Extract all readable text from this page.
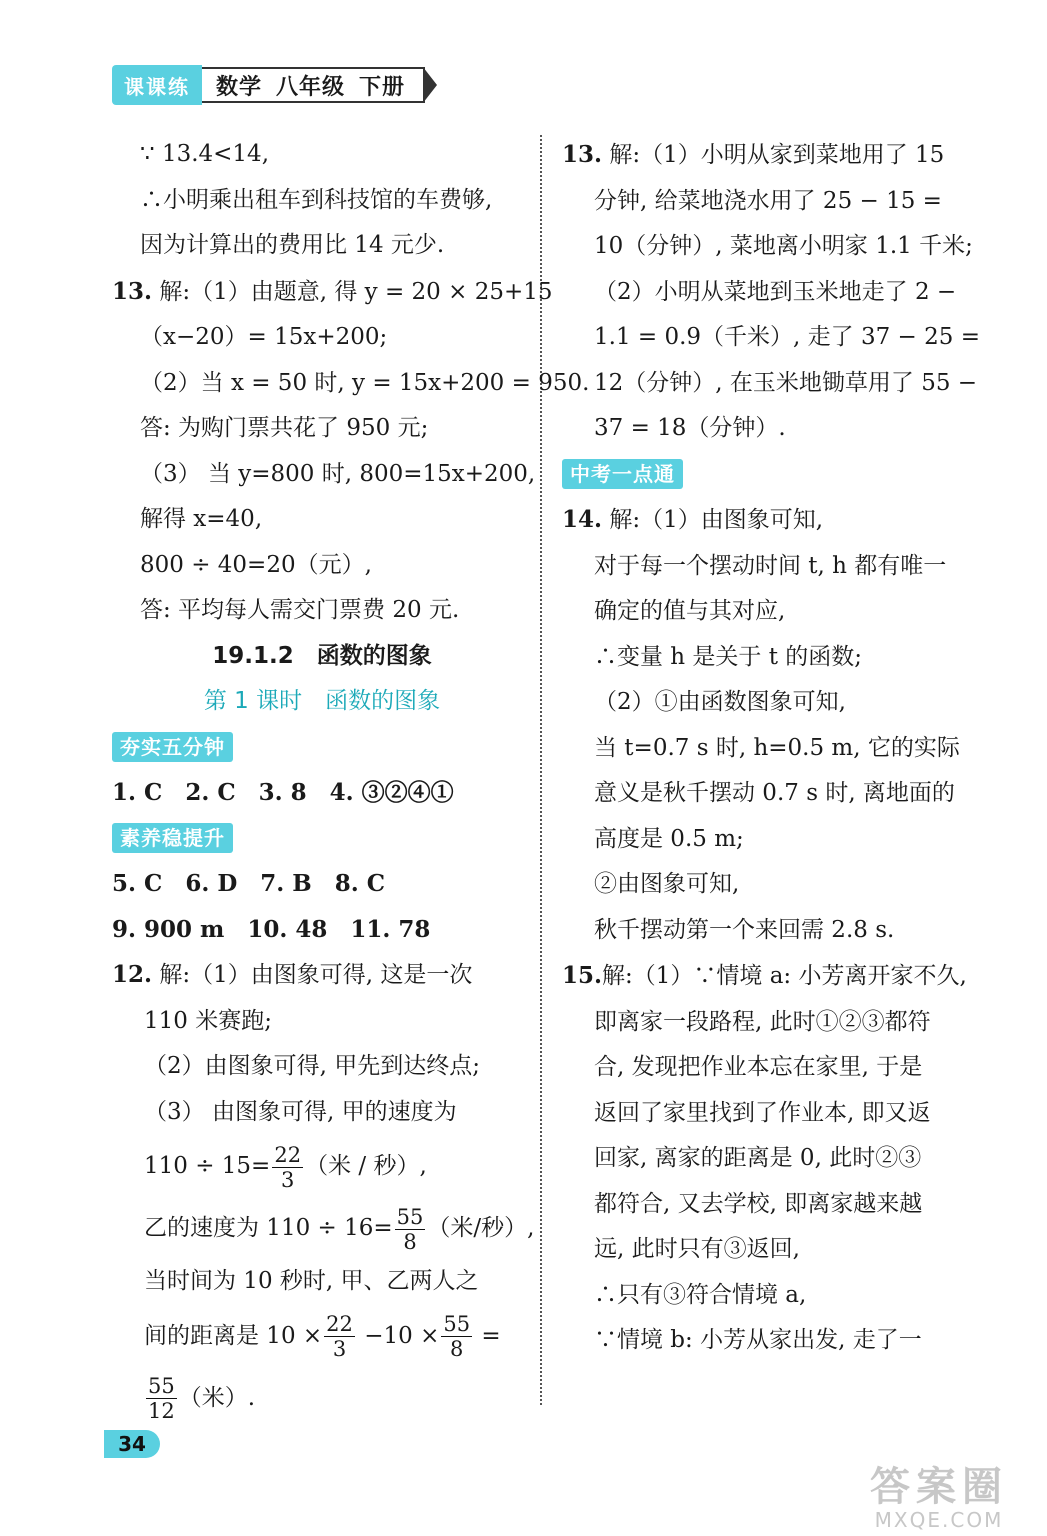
课课练	数学 八年级 下册
∵ 13.4<14,
∴小明乘出租车到科技馆的车费够,
因为计算出的费用比 14 元少.
13. 解:（1）由题意, 得 y = 20 × 25+15
（x−20）= 15x+200;
（2）当 x = 50 时, y = 15x+200 = 950.
答: 为购门票共花了 950 元;
（3） 当 y=800 时, 800=15x+200,
解得 x=40,
800 ÷ 40=20（元）,
答: 平均每人需交门票费 20 元.
19.1.2　函数的图象
第 1 课时　函数的图象
夯实五分钟
1. C　2. C　3. 8　4. ③②④①
素养稳提升
5. C　6. D　7. B　8. C
9. 900 m　10. 48　11. 78
12. 解:（1）由图象可得, 这是一次
110 米赛跑;
（2）由图象可得, 甲先到达终点;
（3） 由图象可得, 甲的速度为
$110 \div 15= \frac{22}{3}$ （米 / 秒）,
乙的速度为 $110 \div 16= \frac{55}{8}$ （米/秒）,
当时间为 10 秒时, 甲、乙两人之
间的距离是 $10 \times \frac{22}{3} -10 \times \frac{55}{8}$ =
$\frac{55}{12}$ （米）.
13. 解:（1）小明从家到菜地用了 15
分钟, 给菜地浇水用了 25 − 15 =
10（分钟）, 菜地离小明家 1.1 千米;
（2）小明从菜地到玉米地走了 2 −
1.1 = 0.9（千米）, 走了 37 − 25 =
12（分钟）, 在玉米地锄草用了 55 −
37 = 18（分钟）.
中考一点通
14. 解:（1）由图象可知,
对于每一个摆动时间 t, h 都有唯一
确定的值与其对应,
∴变量 h 是关于 t 的函数;
（2）①由函数图象可知,
当 t=0.7 s 时, h=0.5 m, 它的实际
意义是秋千摆动 0.7 s 时, 离地面的
高度是 0.5 m;
②由图象可知,
秋千摆动第一个来回需 2.8 s.
15.解:（1）∵情境 a: 小芳离开家不久,
即离家一段路程, 此时①②③都符
合, 发现把作业本忘在家里, 于是
返回了家里找到了作业本, 即又返
回家, 离家的距离是 0, 此时②③
都符合, 又去学校, 即离家越来越
远, 此时只有③返回,
∴只有③符合情境 a,
∵情境 b: 小芳从家出发, 走了一
34
答案圈
MXQE.COM
